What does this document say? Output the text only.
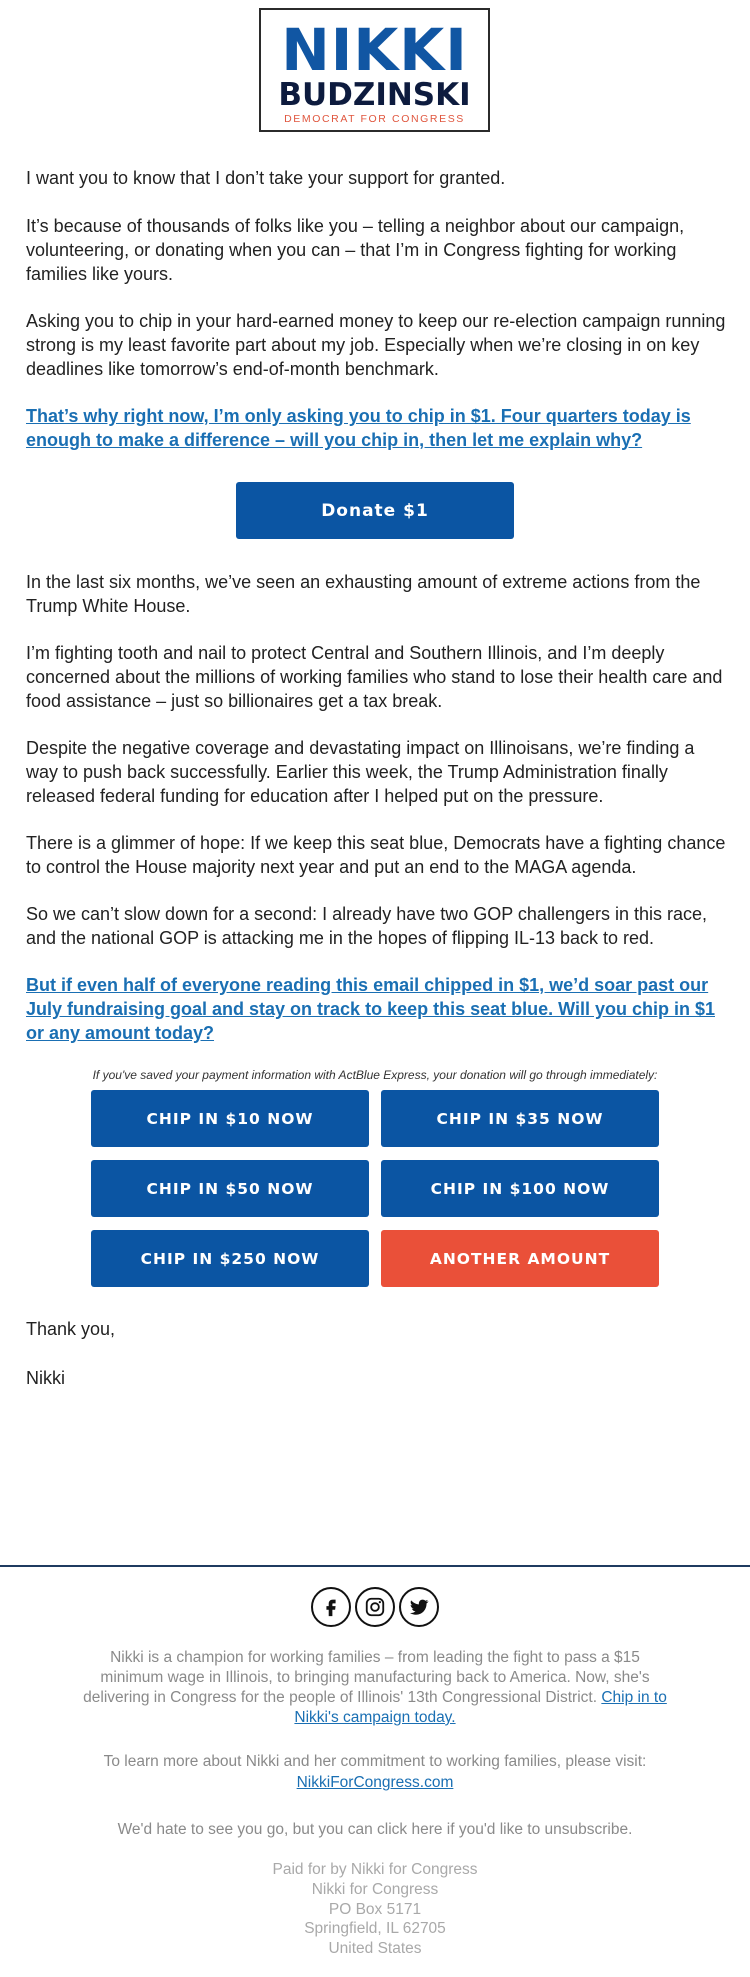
NIKKI
BUDZINSKI
DEMOCRAT FOR CONGRESS

I want you to know that I don’t take your support for granted.

It’s because of thousands of folks like you – telling a neighbor about our campaign, volunteering, or donating when you can – that I’m in Congress fighting for working families like yours.

Asking you to chip in your hard-earned money to keep our re-election campaign running strong is my least favorite part about my job. Especially when we’re closing in on key deadlines like tomorrow’s end-of-month benchmark.

That’s why right now, I’m only asking you to chip in $1. Four quarters today is enough to make a difference – will you chip in, then let me explain why?

Donate $1

In the last six months, we’ve seen an exhausting amount of extreme actions from the Trump White House.

I’m fighting tooth and nail to protect Central and Southern Illinois, and I’m deeply concerned about the millions of working families who stand to lose their health care and food assistance – just so billionaires get a tax break.

Despite the negative coverage and devastating impact on Illinoisans, we’re finding a way to push back successfully. Earlier this week, the Trump Administration finally released federal funding for education after I helped put on the pressure.

There is a glimmer of hope: If we keep this seat blue, Democrats have a fighting chance to control the House majority next year and put an end to the MAGA agenda.

So we can’t slow down for a second: I already have two GOP challengers in this race, and the national GOP is attacking me in the hopes of flipping IL-13 back to red.

But if even half of everyone reading this email chipped in $1, we’d soar past our July fundraising goal and stay on track to keep this seat blue. Will you chip in $1 or any amount today?

If you've saved your payment information with ActBlue Express, your donation will go through immediately:
CHIP IN $10 NOW	CHIP IN $35 NOW
CHIP IN $50 NOW	CHIP IN $100 NOW
CHIP IN $250 NOW	ANOTHER AMOUNT

Thank you,

Nikki

Nikki is a champion for working families – from leading the fight to pass a $15 minimum wage in Illinois, to bringing manufacturing back to America. Now, she's delivering in Congress for the people of Illinois' 13th Congressional District. Chip in to Nikki's campaign today.

To learn more about Nikki and her commitment to working families, please visit:

NikkiForCongress.com

We'd hate to see you go, but you can click here if you'd like to unsubscribe.

Paid for by Nikki for Congress

Nikki for Congress

PO Box 5171

Springfield, IL 62705

United States
